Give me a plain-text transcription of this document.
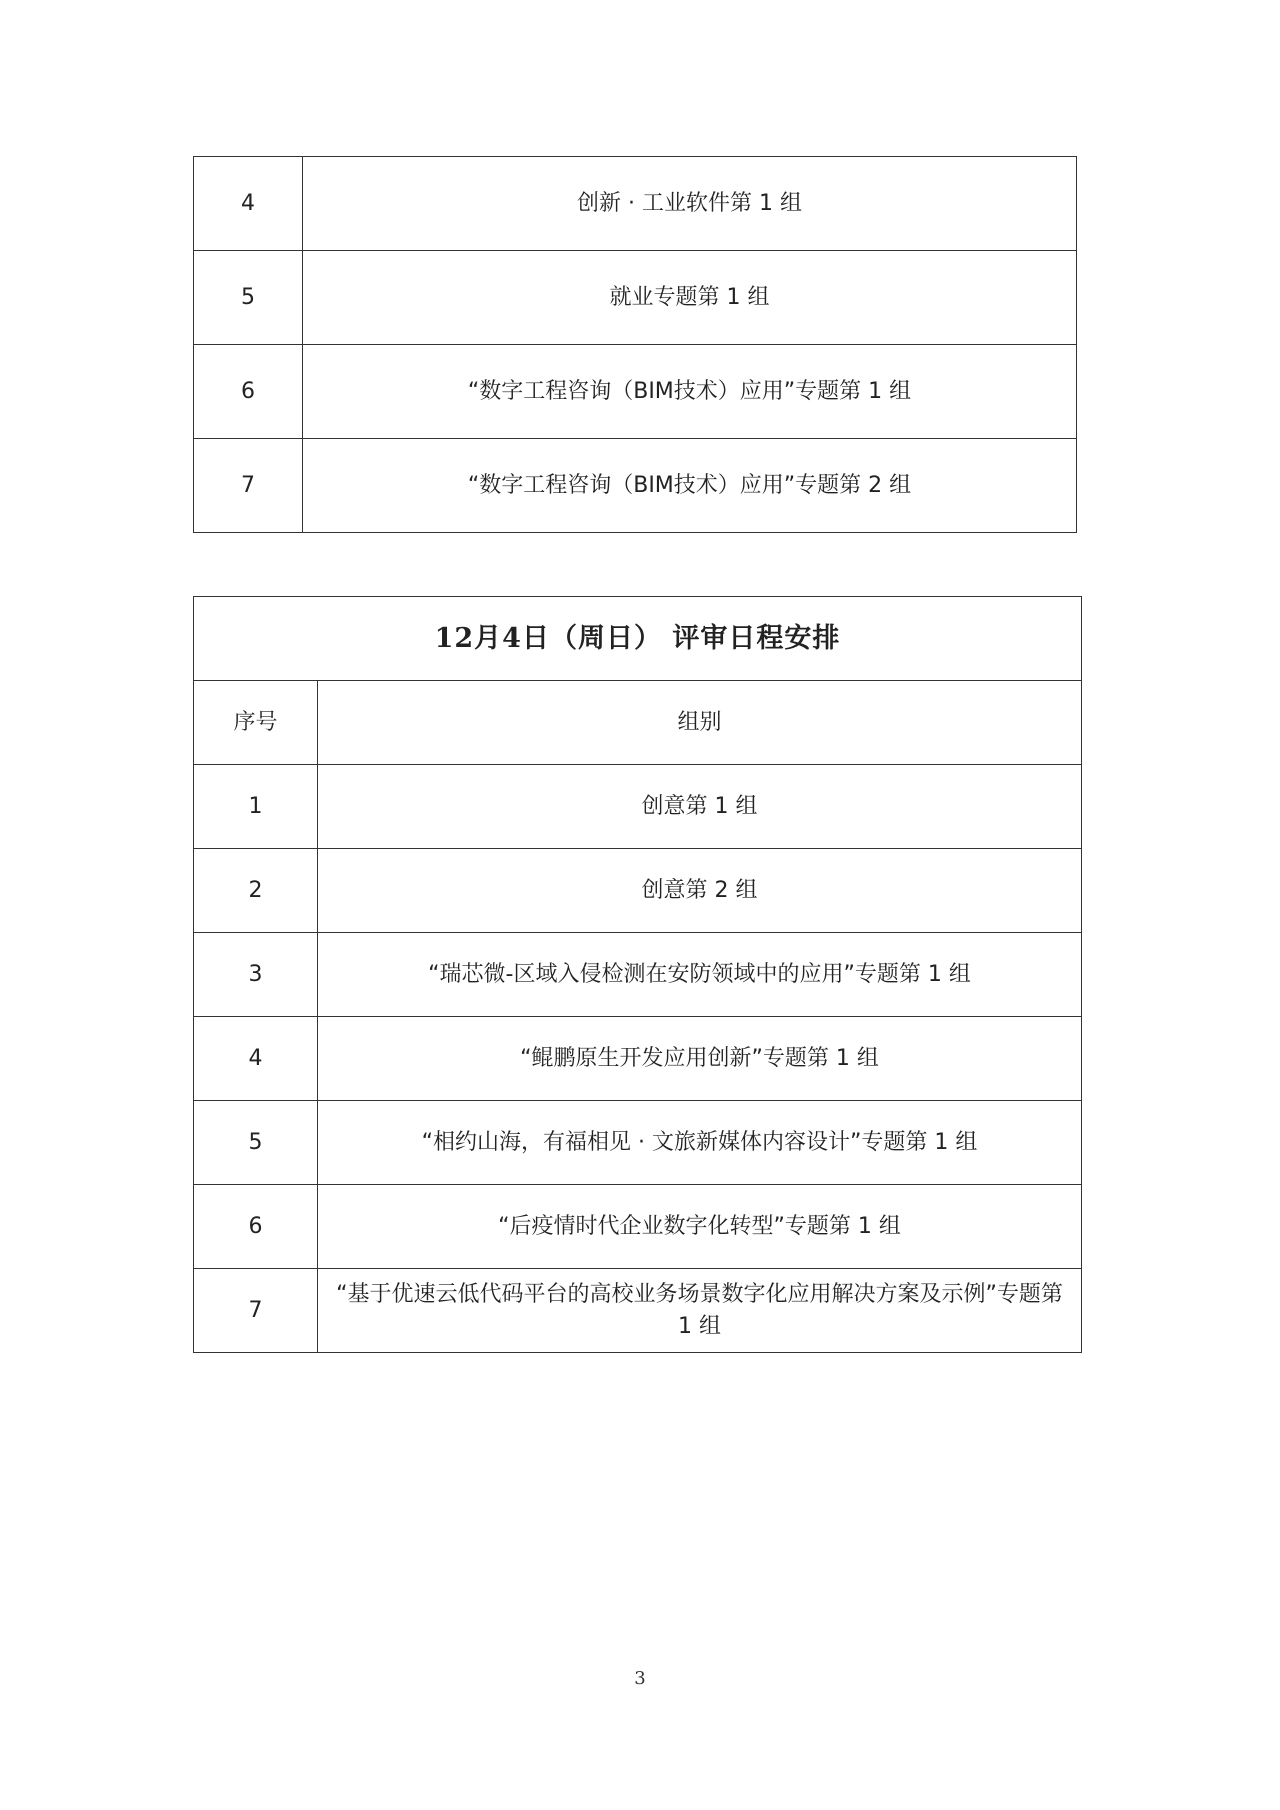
4	创新 · 工业软件第 1 组
5	就业专题第 1 组
6	“数字工程咨询（BIM技术）应用”专题第 1 组
7	“数字工程咨询（BIM技术）应用”专题第 2 组
12月4日（周日） 评审日程安排	
序号	组别
1	创意第 1 组
2	创意第 2 组
3	“瑞芯微-区域入侵检测在安防领域中的应用”专题第 1 组
4	“鲲鹏原生开发应用创新”专题第 1 组
5	“相约山海，有福相见 · 文旅新媒体内容设计”专题第 1 组
6	“后疫情时代企业数字化转型”专题第 1 组
7	“基于优速云低代码平台的高校业务场景数字化应用解决方案及示例”专题第 1 组
3
